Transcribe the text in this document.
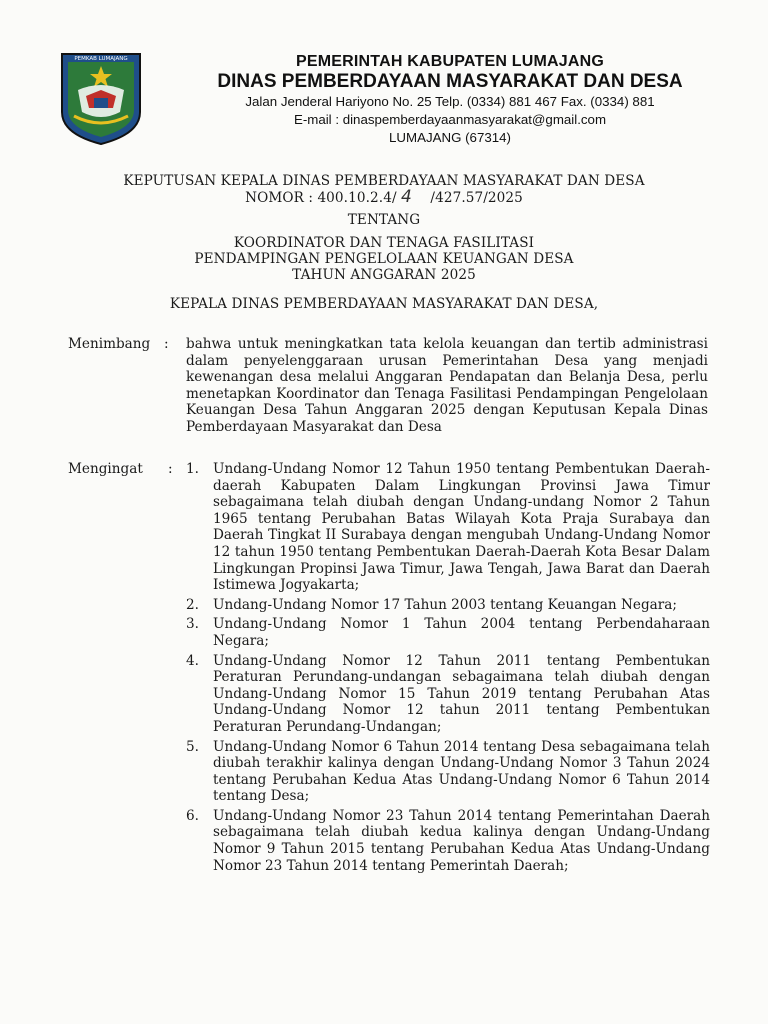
PEMKAB LUMAJANG	PEMERINTAH KABUPATEN LUMAJANG
DINAS PEMBERDAYAAN MASYARAKAT DAN DESA
Jalan Jenderal Hariyono No. 25 Telp. (0334) 881 467 Fax. (0334) 881
E-mail : dinaspemberdayaanmasyarakat@gmail.com
LUMAJANG (67314)
KEPUTUSAN KEPALA DINAS PEMBERDAYAAN MASYARAKAT DAN DESA
NOMOR : 400.10.2.4/ 4 /427.57/2025
TENTANG
KOORDINATOR DAN TENAGA FASILITASI
PENDAMPINGAN PENGELOLAAN KEUANGAN DESA
TAHUN ANGGARAN 2025
KEPALA DINAS PEMBERDAYAAN MASYARAKAT DAN DESA,
Menimbang : bahwa untuk meningkatkan tata kelola keuangan dan tertib administrasi dalam penyelenggaraan urusan Pemerintahan Desa yang menjadi kewenangan desa melalui Anggaran Pendapatan dan Belanja Desa, perlu menetapkan Koordinator dan Tenaga Fasilitasi Pendampingan Pengelolaan Keuangan Desa Tahun Anggaran 2025 dengan Keputusan Kepala Dinas Pemberdayaan Masyarakat dan Desa
Mengingat : 1. Undang-Undang Nomor 12 Tahun 1950 tentang Pembentukan Daerah-daerah Kabupaten Dalam Lingkungan Provinsi Jawa Timur sebagaimana telah diubah dengan Undang-undang Nomor 2 Tahun 1965 tentang Perubahan Batas Wilayah Kota Praja Surabaya dan Daerah Tingkat II Surabaya dengan mengubah Undang-Undang Nomor 12 tahun 1950 tentang Pembentukan Daerah-Daerah Kota Besar Dalam Lingkungan Propinsi Jawa Timur, Jawa Tengah, Jawa Barat dan Daerah Istimewa Jogyakarta;
2. Undang-Undang Nomor 17 Tahun 2003 tentang Keuangan Negara;
3. Undang-Undang Nomor 1 Tahun 2004 tentang Perbendaharaan Negara;
4. Undang-Undang Nomor 12 Tahun 2011 tentang Pembentukan Peraturan Perundang-undangan sebagaimana telah diubah dengan Undang-Undang Nomor 15 Tahun 2019 tentang Perubahan Atas Undang-Undang Nomor 12 tahun 2011 tentang Pembentukan Peraturan Perundang-Undangan;
5. Undang-Undang Nomor 6 Tahun 2014 tentang Desa sebagaimana telah diubah terakhir kalinya dengan Undang-Undang Nomor 3 Tahun 2024 tentang Perubahan Kedua Atas Undang-Undang Nomor 6 Tahun 2014 tentang Desa;
6. Undang-Undang Nomor 23 Tahun 2014 tentang Pemerintahan Daerah sebagaimana telah diubah kedua kalinya dengan Undang-Undang Nomor 9 Tahun 2015 tentang Perubahan Kedua Atas Undang-Undang Nomor 23 Tahun 2014 tentang Pemerintah Daerah;
